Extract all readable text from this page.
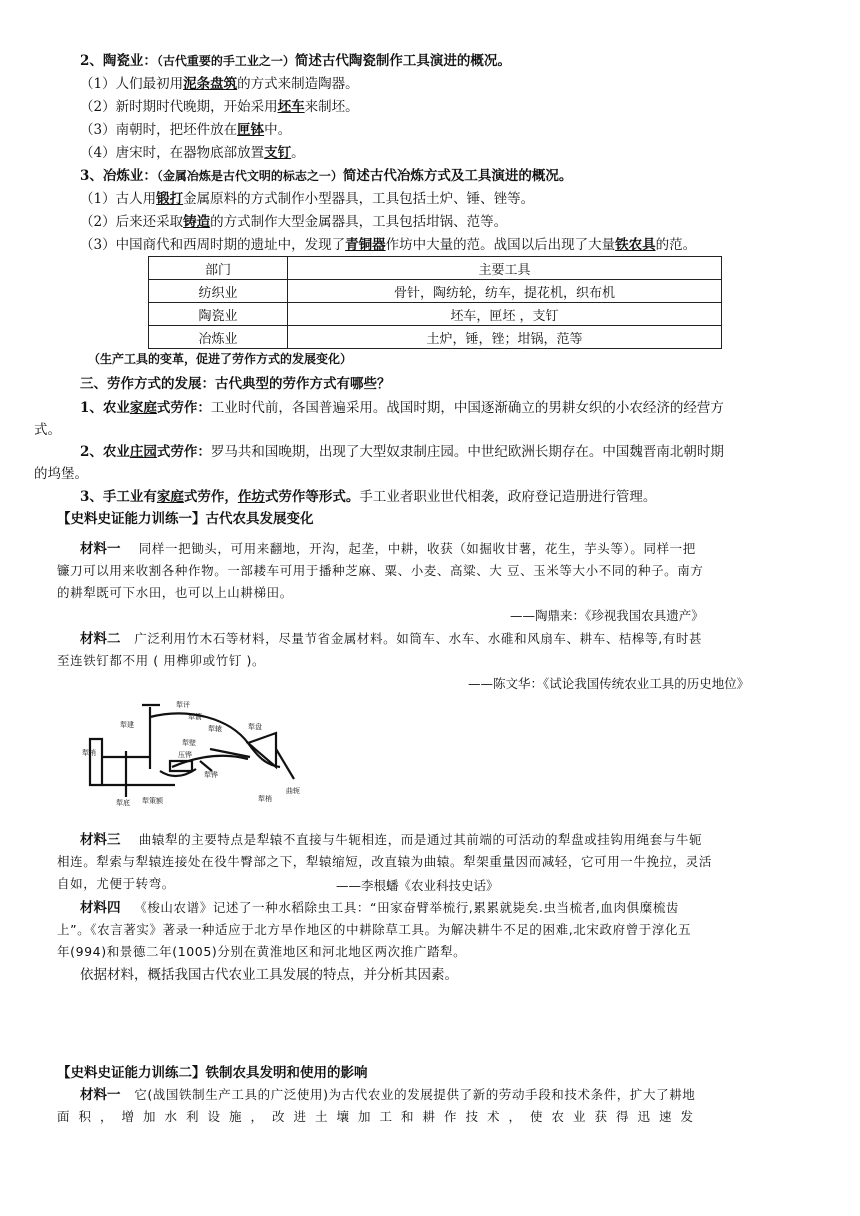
2、陶瓷业：（古代重要的手工业之一）简述古代陶瓷制作工具演进的概况。
（1）人们最初用泥条盘筑的方式来制造陶器。
（2）新时期时代晚期，开始采用坯车来制坯。
（3）南朝时，把坯件放在匣钵中。
（4）唐宋时，在器物底部放置支钉。
3、冶炼业：（金属冶炼是古代文明的标志之一）简述古代冶炼方式及工具演进的概况。
（1）古人用锻打金属原料的方式制作小型器具，工具包括土炉、锤、锉等。
（2）后来还采取铸造的方式制作大型金属器具，工具包括坩锅、范等。
（3）中国商代和西周时期的遗址中，发现了青铜器作坊中大量的范。战国以后出现了大量铁农具的范。
部门	主要工具
纺织业	骨针，陶纺轮，纺车，提花机，织布机
陶瓷业	坯车，匣坯 ，支钉
冶炼业	土炉，锤，锉；坩锅，范等
（生产工具的变革，促进了劳作方式的发展变化）
三、劳作方式的发展：古代典型的劳作方式有哪些？
1、农业家庭式劳作：工业时代前，各国普遍采用。战国时期，中国逐渐确立的男耕女织的小农经济的经营方
式。
2、农业庄园式劳作：罗马共和国晚期，出现了大型奴隶制庄园。中世纪欧洲长期存在。中国魏晋南北朝时期
的坞堡。
3、手工业有家庭式劳作，作坊式劳作等形式。手工业者职业世代相袭，政府登记造册进行管理。
【史料史证能力训练一】古代农具发展变化
材料一 同样一把锄头，可用来翻地，开沟，起垄，中耕，收获（如掘收甘薯，花生，芋头等）。同样一把
镰刀可以用来收割各种作物。一部耧车可用于播种芝麻、粟、小麦、高粱、大 豆、玉米等大小不同的种子。南方
的耕犁既可下水田，也可以上山耕梯田。
——陶鼎来：《珍视我国农具遗产》
材料二 广泛利用竹木石等材料，尽量节省金属材料。如筒车、水车、水碓和风扇车、耕车、桔槔等,有时甚
至连铁钉都不用 ( 用榫卯或竹钉 )。
——陈文华：《试论我国传统农业工具的历史地位》
犁建
犁评
犁箭
犁辕
犁壁
压铧
犁铧
犁梢
犁底 犁策额
犁盘
曲轭
犁梢
材料三 曲辕犁的主要特点是犁辕不直接与牛轭相连，而是通过其前端的可活动的犁盘或挂钩用绳套与牛轭
相连。犁索与犁辕连接处在役牛臀部之下，犁辕缩短，改直辕为曲辕。犁架重量因而减轻，它可用一牛挽拉，灵活
自如，尤便于转弯。	——李根蟠《农业科技史话》
材料四 《梭山农谱》记述了一种水稻除虫工具：“田家奋臂举梳行,累累就毙矣.虫当梳者,血肉俱糜梳齿
上”。《农言著实》著录一种适应于北方旱作地区的中耕除草工具。为解决耕牛不足的困难,北宋政府曾于淳化五
年(994)和景德二年(1005)分别在黄淮地区和河北地区两次推广踏犁。
依据材料，概括我国古代农业工具发展的特点，并分析其因素。
【史料史证能力训练二】铁制农具发明和使用的影响
材料一 它(战国铁制生产工具的广泛使用)为古代农业的发展提供了新的劳动手段和技术条件，扩大了耕地
面积，增加水利设施，改进土壤加工和耕作技术，使农业获得迅速发
